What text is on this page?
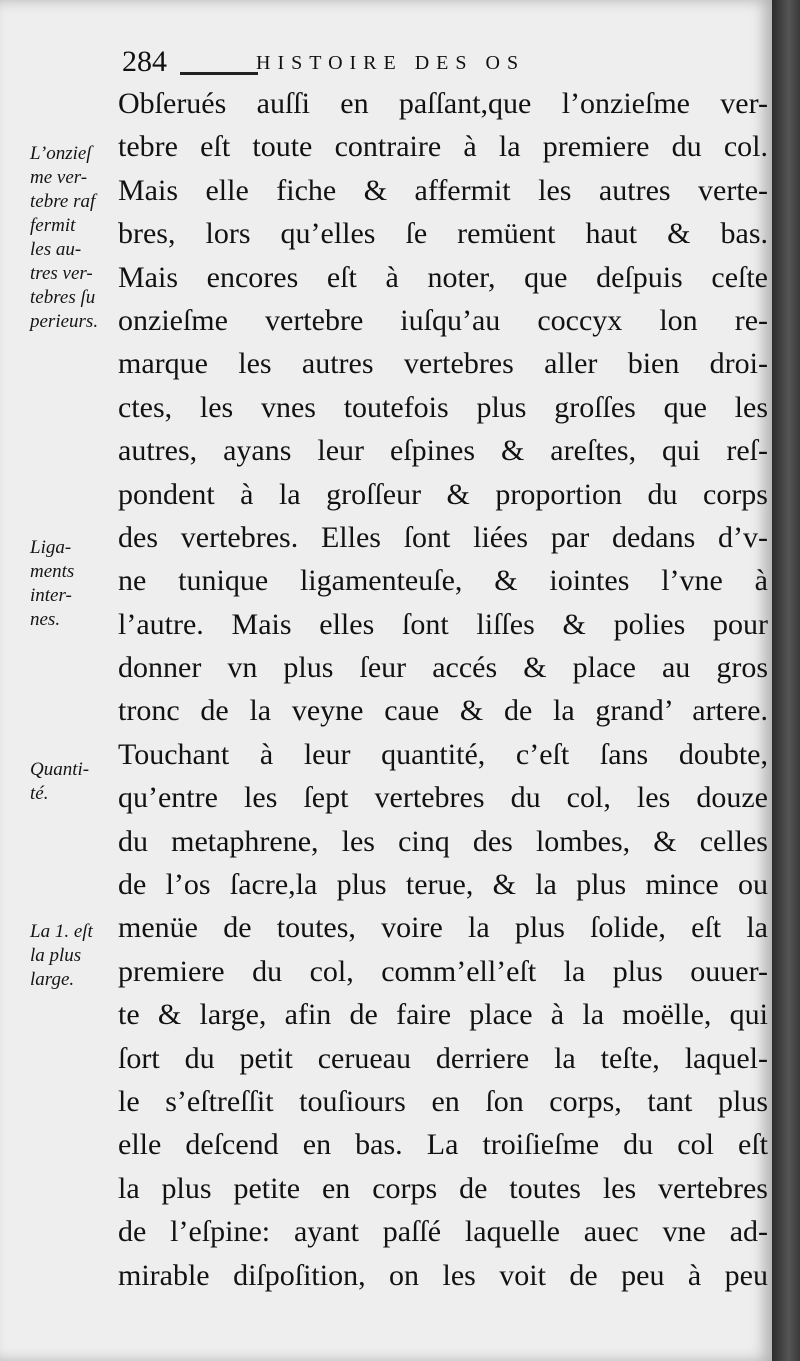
284	HISTOIRE DES OS
L’onzieſ
me ver-
tebre raf
fermit
les au-
tres ver-
tebres ſu
perieurs.
Liga-
ments
inter-
nes.
Quanti-
té.
La 1. eſt
la plus
large.
Obſerués auſſi en paſſant,que l’onzieſme ver-
tebre eſt toute contraire à la premiere du col.
Mais elle fiche & affermit les autres verte-
bres, lors qu’elles ſe remüent haut & bas.
Mais encores eſt à noter, que deſpuis ceſte
onzieſme vertebre iuſqu’au coccyx lon re-
marque les autres vertebres aller bien droi-
ctes, les vnes toutefois plus groſſes que les
autres, ayans leur eſpines & areſtes, qui reſ-
pondent à la groſſeur & proportion du corps
des vertebres. Elles ſont liées par dedans d’v-
ne tunique ligamenteuſe, & iointes l’vne à
l’autre. Mais elles ſont liſſes & polies pour
donner vn plus ſeur accés & place au gros
tronc de la veyne caue & de la grand’ artere.
Touchant à leur quantité, c’eſt ſans doubte,
qu’entre les ſept vertebres du col, les douze
du metaphrene, les cinq des lombes, & celles
de l’os ſacre,la plus terue, & la plus mince ou
menüe de toutes, voire la plus ſolide, eſt la
premiere du col, comm’ell’eſt la plus ouuer-
te & large, afin de faire place à la moëlle, qui
ſort du petit cerueau derriere la teſte, laquel-
le s’eſtreſſit touſiours en ſon corps, tant plus
elle deſcend en bas. La troiſieſme du col eſt
la plus petite en corps de toutes les vertebres
de l’eſpine: ayant paſſé laquelle auec vne ad-
mirable diſpoſition, on les voit de peu à peu
